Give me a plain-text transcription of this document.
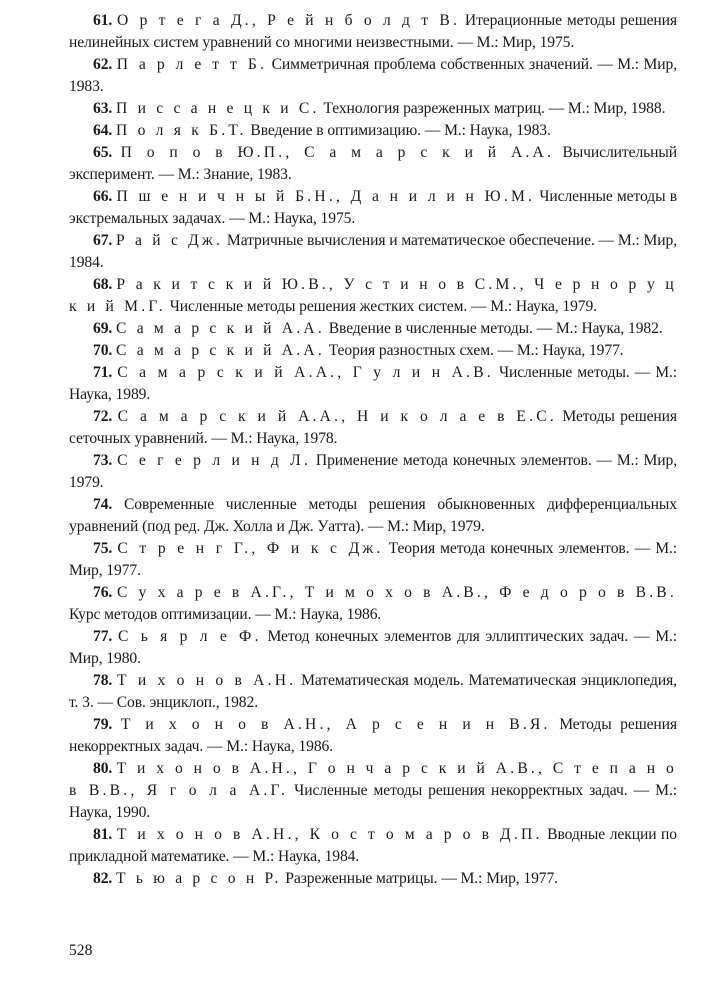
61. О р т е г а Д., Р е й н б о л д т В. Итерационные методы решения нелинейных систем уравнений со многими неизвестными. — М.: Мир, 1975.
62. П а р л е т т Б. Симметричная проблема собственных значений. — М.: Мир, 1983.
63. П и с с а н е ц к и С. Технология разреженных матриц. — М.: Мир, 1988.
64. П о л я к Б.Т. Введение в оптимизацию. — М.: Наука, 1983.
65. П о п о в Ю.П., С а м а р с к и й А.А. Вычислительный эксперимент. — М.: Знание, 1983.
66. П ш е н и ч н ы й Б.Н., Д а н и л и н Ю.М. Численные методы в экстремальных задачах. — М.: Наука, 1975.
67. Р а й с Дж. Матричные вычисления и математическое обеспечение. — М.: Мир, 1984.
68. Р а к и т с к и й Ю.В., У с т и н о в С.М., Ч е р н о р у ц к и й М.Г. Численные методы решения жестких систем. — М.: Наука, 1979.
69. С а м а р с к и й А.А. Введение в численные методы. — М.: Наука, 1982.
70. С а м а р с к и й А.А. Теория разностных схем. — М.: Наука, 1977.
71. С а м а р с к и й А.А., Г у л и н А.В. Численные методы. — М.: Наука, 1989.
72. С а м а р с к и й А.А., Н и к о л а е в Е.С. Методы решения сеточных уравнений. — М.: Наука, 1978.
73. С е г е р л и н д Л. Применение метода конечных элементов. — М.: Мир, 1979.
74. Современные численные методы решения обыкновенных дифференциальных уравнений (под ред. Дж. Холла и Дж. Уатта). — М.: Мир, 1979.
75. С т р е н г Г., Ф и к с Дж. Теория метода конечных элементов. — М.: Мир, 1977.
76. С у х а р е в А.Г., Т и м о х о в А.В., Ф е д о р о в В.В. Курс методов оптимизации. — М.: Наука, 1986.
77. С ь я р л е Ф. Метод конечных элементов для эллиптических задач. — М.: Мир, 1980.
78. Т и х о н о в А.Н. Математическая модель. Математическая энциклопедия, т. 3. — Сов. энциклоп., 1982.
79. Т и х о н о в А.Н., А р с е н и н В.Я. Методы решения некорректных задач. — М.: Наука, 1986.
80. Т и х о н о в А.Н., Г о н ч а р с к и й А.В., С т е п а н о в В.В., Я г о л а А.Г. Численные методы решения некорректных задач. — М.: Наука, 1990.
81. Т и х о н о в А.Н., К о с т о м а р о в Д.П. Вводные лекции по прикладной математике. — М.: Наука, 1984.
82. Т ь ю а р с о н Р. Разреженные матрицы. — М.: Мир, 1977.
528
